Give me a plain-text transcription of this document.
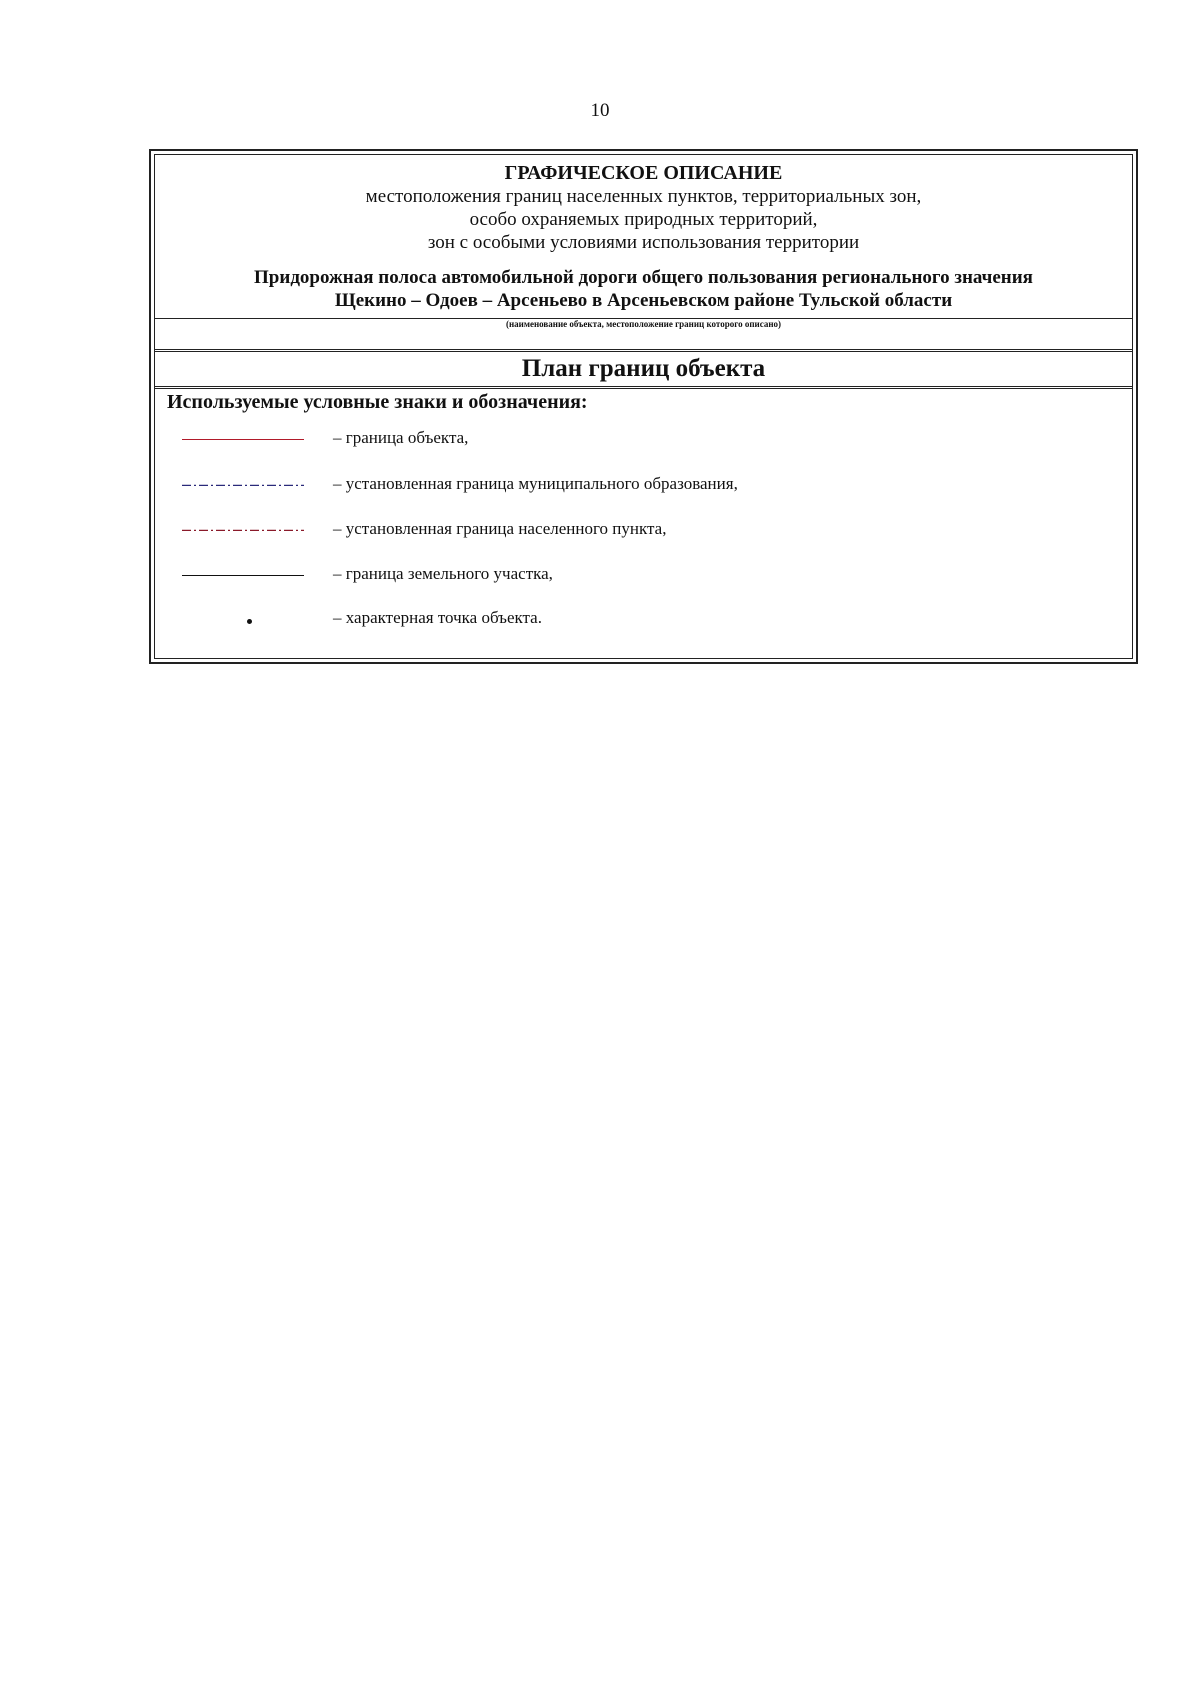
10
ГРАФИЧЕСКОЕ ОПИСАНИЕ
местоположения границ населенных пунктов, территориальных зон,
особо охраняемых природных территорий,
зон с особыми условиями использования территории
Придорожная полоса автомобильной дороги общего пользования регионального значения
Щекино – Одоев – Арсеньево в Арсеньевском районе Тульской области
(наименование объекта, местоположение границ которого описано)
План границ объекта
Используемые условные знаки и обозначения:
– граница объекта,
– установленная граница муниципального образования,
– установленная граница населенного пункта,
– граница земельного участка,
– характерная точка объекта.
